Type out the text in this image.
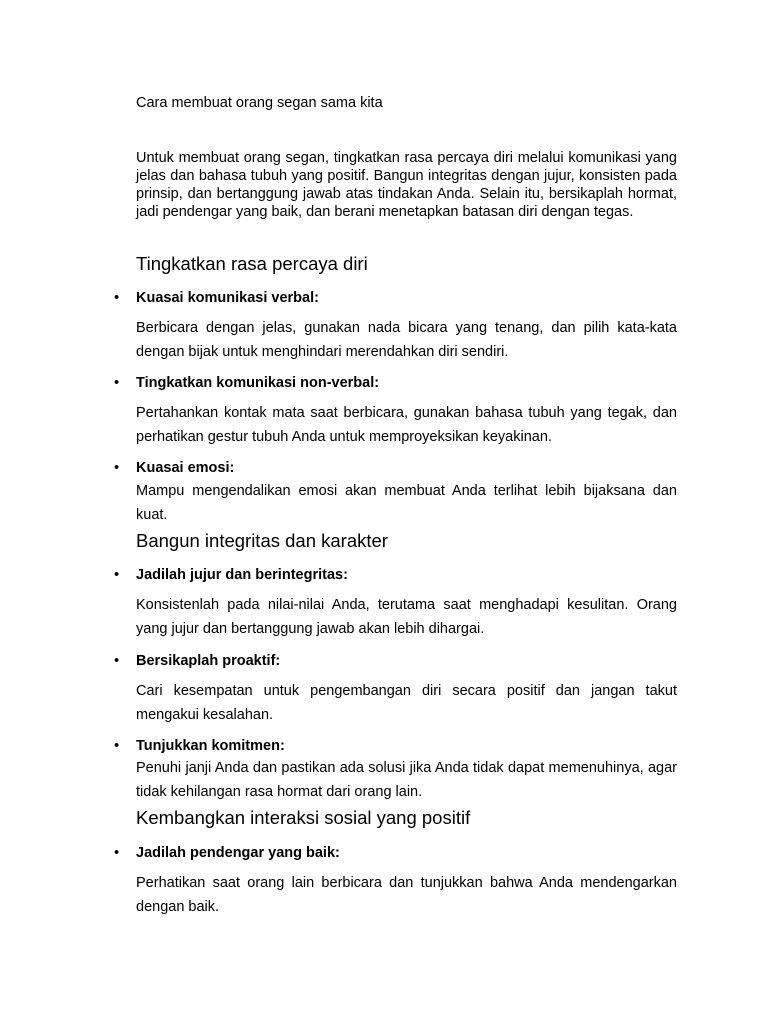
Cara membuat orang segan sama kita
Untuk membuat orang segan, tingkatkan rasa percaya diri melalui komunikasi yang jelas dan bahasa tubuh yang positif. Bangun integritas dengan jujur, konsisten pada prinsip, dan bertanggung jawab atas tindakan Anda. Selain itu, bersikaplah hormat, jadi pendengar yang baik, dan berani menetapkan batasan diri dengan tegas.
Tingkatkan rasa percaya diri
• Kuasai komunikasi verbal:
Berbicara dengan jelas, gunakan nada bicara yang tenang, dan pilih kata-kata dengan bijak untuk menghindari merendahkan diri sendiri.
• Tingkatkan komunikasi non-verbal:
Pertahankan kontak mata saat berbicara, gunakan bahasa tubuh yang tegak, dan perhatikan gestur tubuh Anda untuk memproyeksikan keyakinan.
• Kuasai emosi:
Mampu mengendalikan emosi akan membuat Anda terlihat lebih bijaksana dan kuat.
Bangun integritas dan karakter
• Jadilah jujur dan berintegritas:
Konsistenlah pada nilai-nilai Anda, terutama saat menghadapi kesulitan. Orang yang jujur dan bertanggung jawab akan lebih dihargai.
• Bersikaplah proaktif:
Cari kesempatan untuk pengembangan diri secara positif dan jangan takut mengakui kesalahan.
• Tunjukkan komitmen:
Penuhi janji Anda dan pastikan ada solusi jika Anda tidak dapat memenuhinya, agar tidak kehilangan rasa hormat dari orang lain.
Kembangkan interaksi sosial yang positif
• Jadilah pendengar yang baik:
Perhatikan saat orang lain berbicara dan tunjukkan bahwa Anda mendengarkan dengan baik.
